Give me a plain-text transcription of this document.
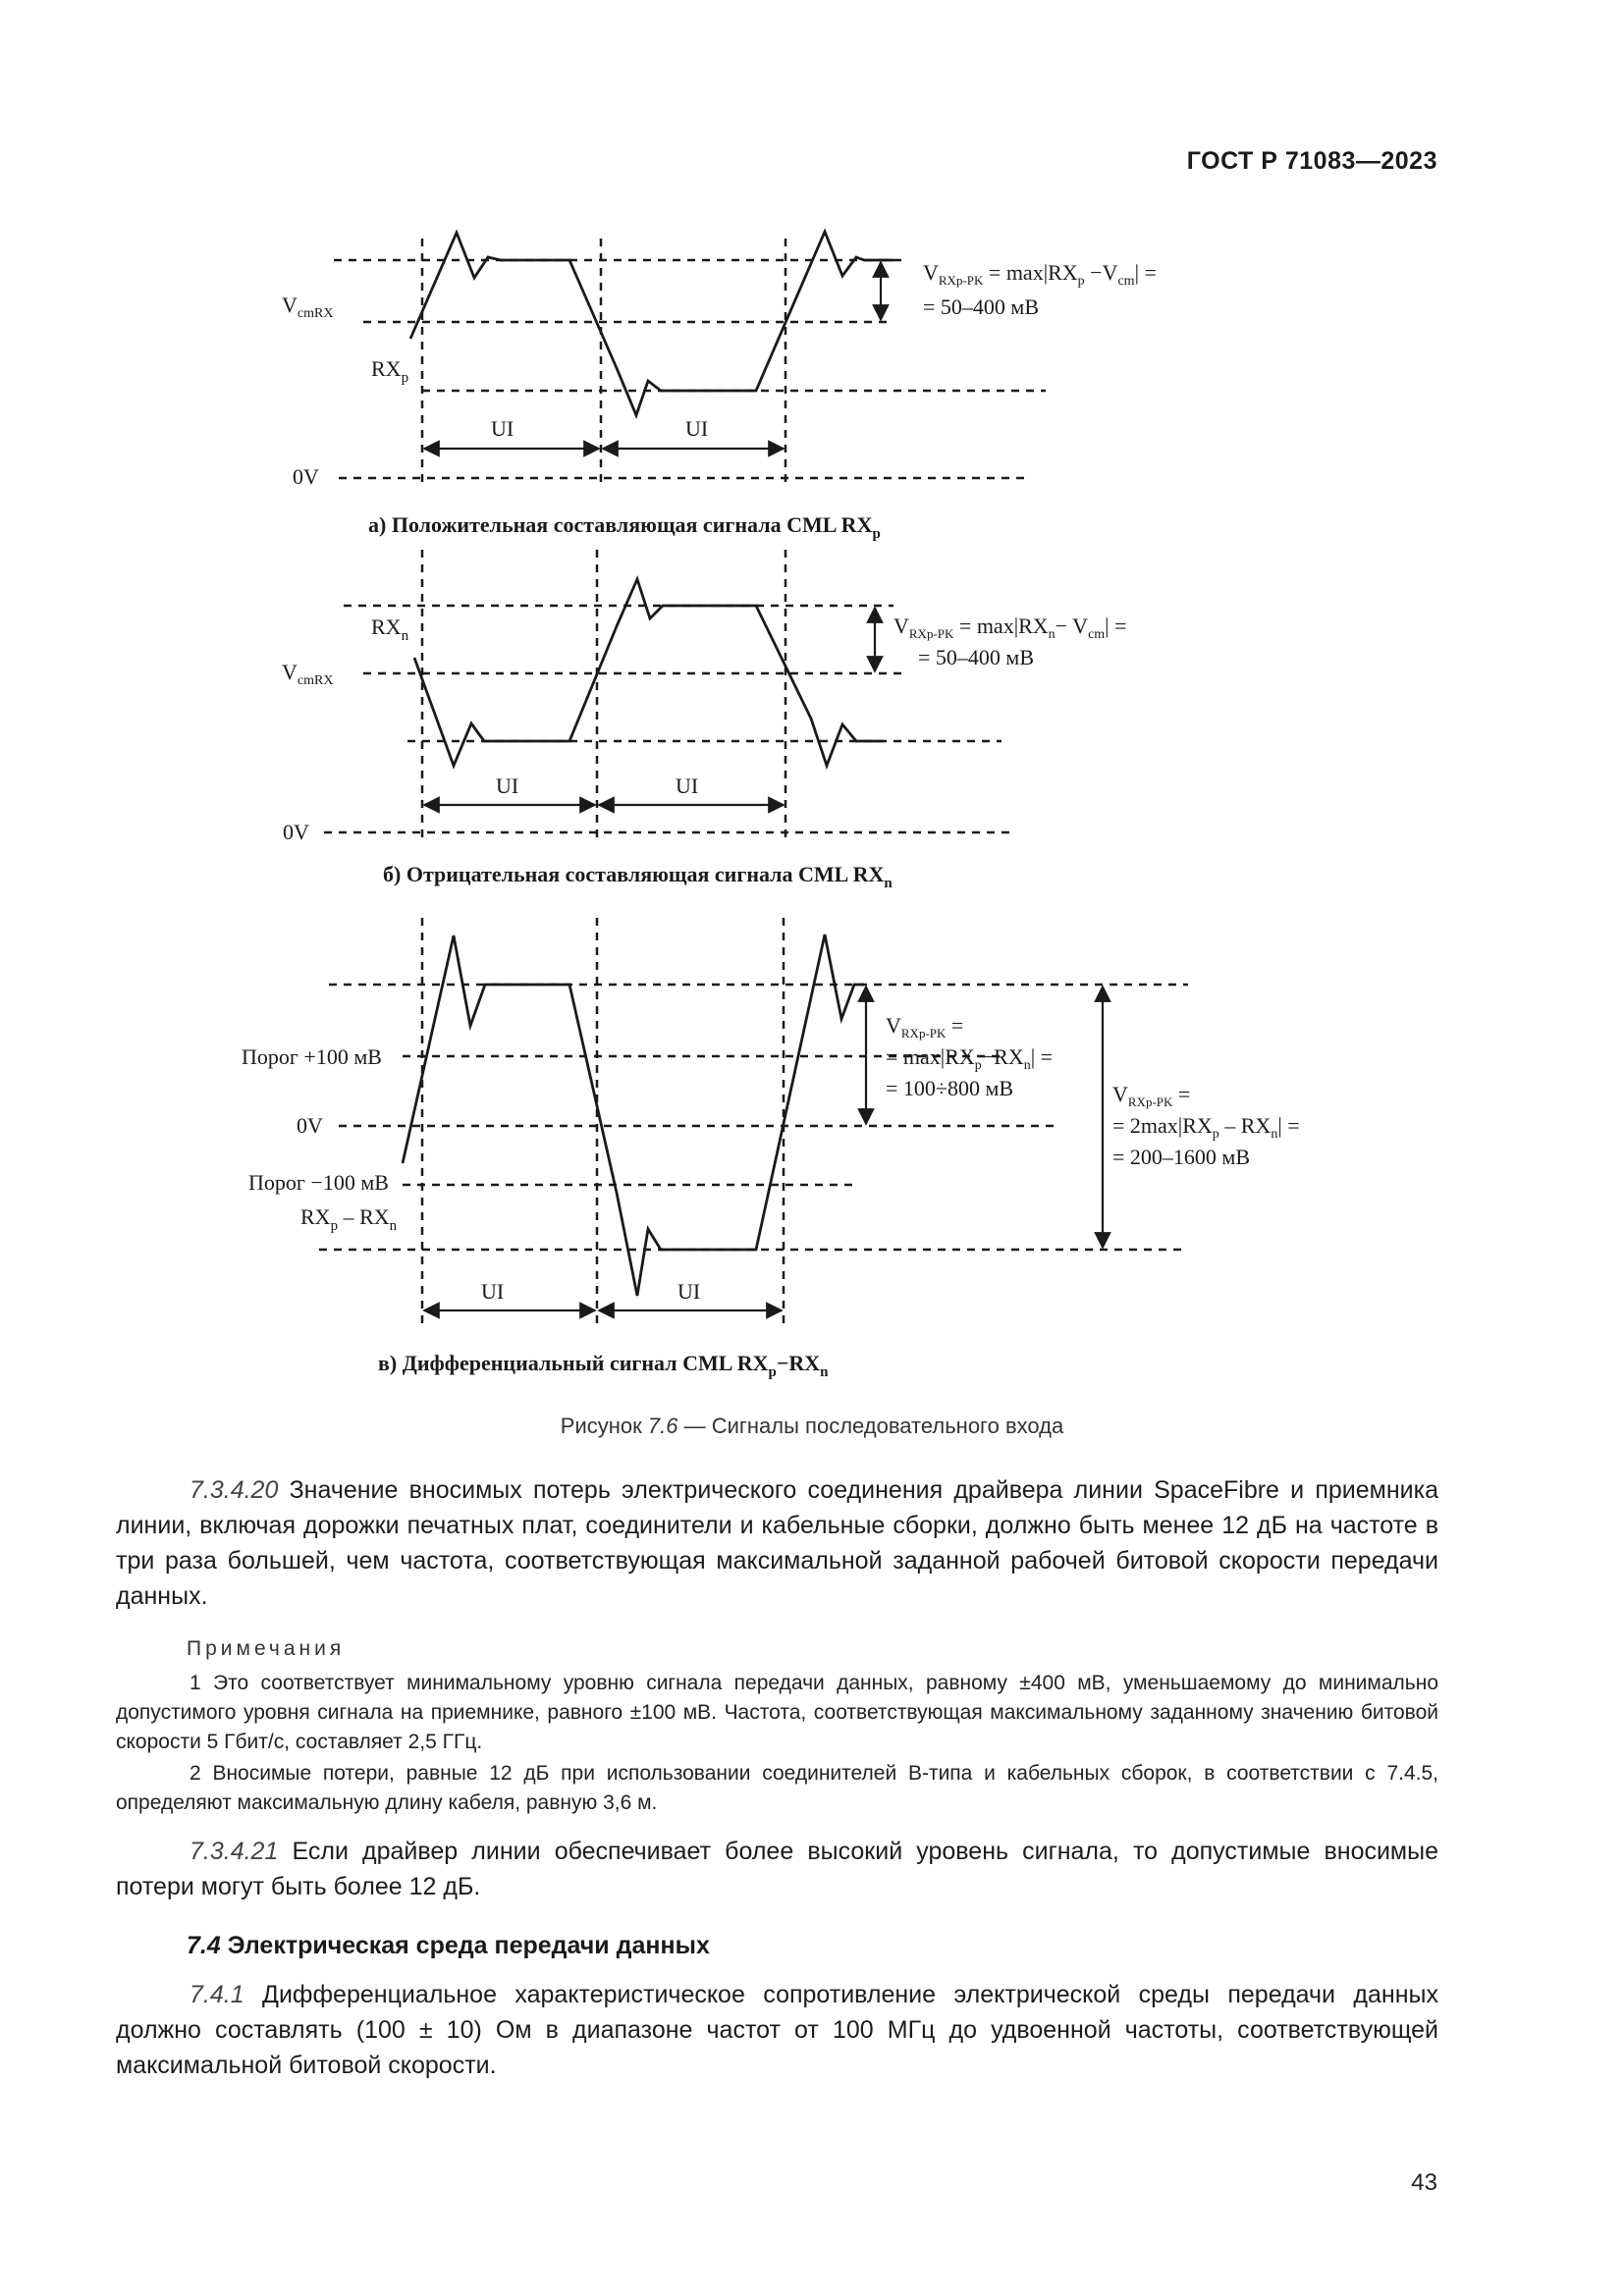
ГОСТ Р 71083—2023
$V_{cmRX}$
$RX_p$
0V
UI	UI
$V_{RXp-PK} = \max|RX_p -V_{cm}|$ =
= 50–400 мВ
а) Положительная составляющая сигнала CML $RX_p$
$RX_n$
$V_{cmRX}$
0V
UI	UI
$V_{RXp-PK} = \max|RX_n- V_{cm}|$ =
= 50–400 мВ
б) Отрицательная составляющая сигнала CML $RX_n$
Порог +100 мВ
0V
Порог −100 мВ
$RX_p - RX_n$
UI	UI
$V_{RXp-PK}$ =
= $\max|RX_p-RX_n|$ =
= 100÷800 мВ	$V_{RXp-PK}$ =
= $2\max|RX_p - RX_n|$ =
= 200–1600 мВ
в) Дифференциальный сигнал CML $RX_p-RX_n$
Рисунок 7.6 — Сигналы последовательного входа
7.3.4.20 Значение вносимых потерь электрического соединения драйвера линии SpaceFibre и приемника линии, включая дорожки печатных плат, соединители и кабельные сборки, должно быть менее 12 дБ на частоте в три раза большей, чем частота, соответствующая максимальной заданной рабочей битовой скорости передачи данных.
Примечания
1 Это соответствует минимальному уровню сигнала передачи данных, равному ±400 мВ, уменьшаемому до минимально допустимого уровня сигнала на приемнике, равного ±100 мВ. Частота, соответствующая максимальному заданному значению битовой скорости 5 Гбит/с, составляет 2,5 ГГц.
2 Вносимые потери, равные 12 дБ при использовании соединителей В-типа и кабельных сборок, в соответствии с 7.4.5, определяют максимальную длину кабеля, равную 3,6 м.
7.3.4.21 Если драйвер линии обеспечивает более высокий уровень сигнала, то допустимые вносимые потери могут быть более 12 дБ.
7.4 Электрическая среда передачи данных
7.4.1 Дифференциальное характеристическое сопротивление электрической среды передачи данных должно составлять (100 ± 10) Ом в диапазоне частот от 100 МГц до удвоенной частоты, соответствующей максимальной битовой скорости.
43
